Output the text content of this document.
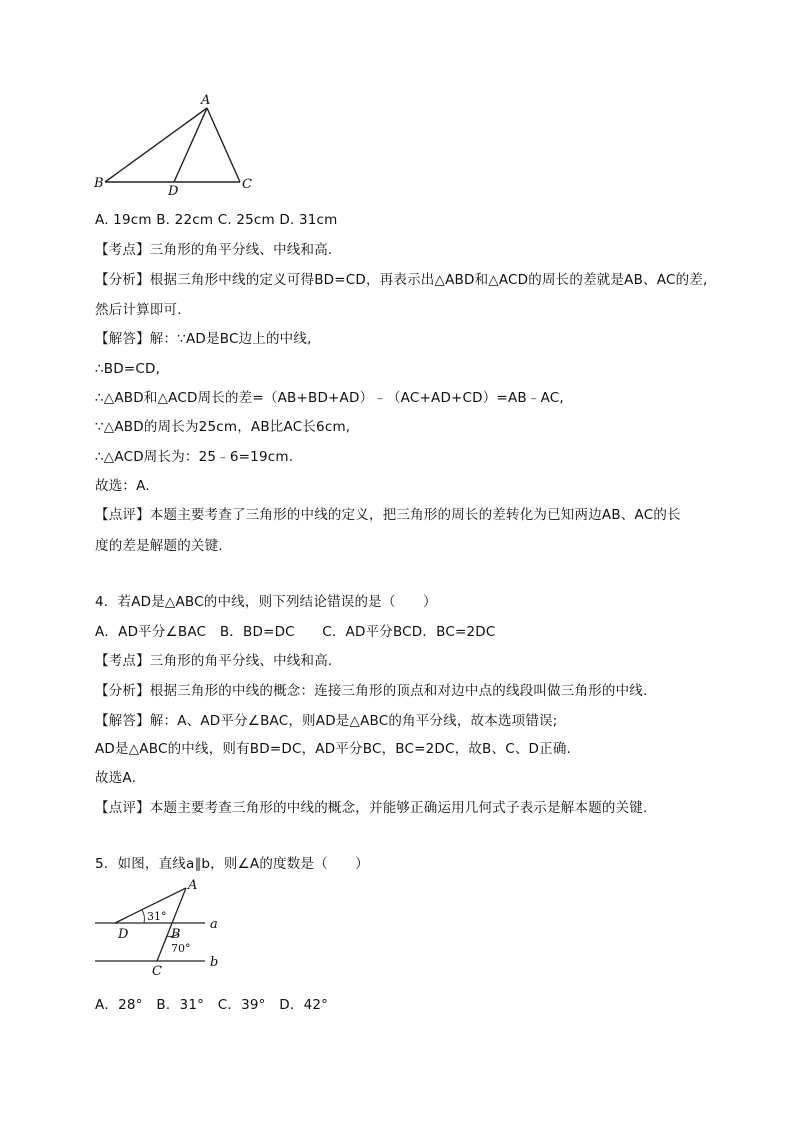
A
B	C
D
A. 19cm B. 22cm C. 25cm D. 31cm
【考点】三角形的角平分线、中线和高.
【分析】根据三角形中线的定义可得BD=CD，再表示出△ABD和△ACD的周长的差就是AB、AC的差,
然后计算即可.
【解答】解：∵AD是BC边上的中线,
∴BD=CD,
∴△ABD和△ACD周长的差=（AB+BD+AD）﹣（AC+AD+CD）=AB﹣AC,
∵△ABD的周长为25cm，AB比AC长6cm,
∴△ACD周长为：25﹣6=19cm.
故选：A.
【点评】本题主要考查了三角形的中线的定义，把三角形的周长的差转化为已知两边AB、AC的长
度的差是解题的关键.
4．若AD是△ABC的中线，则下列结论错误的是（　　）
A．AD平分∠BAC　B．BD=DC　　C．AD平分BCD．BC=2DC
【考点】三角形的角平分线、中线和高.
【分析】根据三角形的中线的概念：连接三角形的顶点和对边中点的线段叫做三角形的中线.
【解答】解：A、AD平分∠BAC，则AD是△ABC的角平分线，故本选项错误;
AD是△ABC的中线，则有BD=DC，AD平分BC，BC=2DC，故B、C、D正确.
故选A.
【点评】本题主要考查三角形的中线的概念，并能够正确运用几何式子表示是解本题的关键.
5．如图，直线a∥b，则∠A的度数是（　　）
A
D	B
C
a
b
31°
70°
A．28°　B．31°　C．39°　D．42°
